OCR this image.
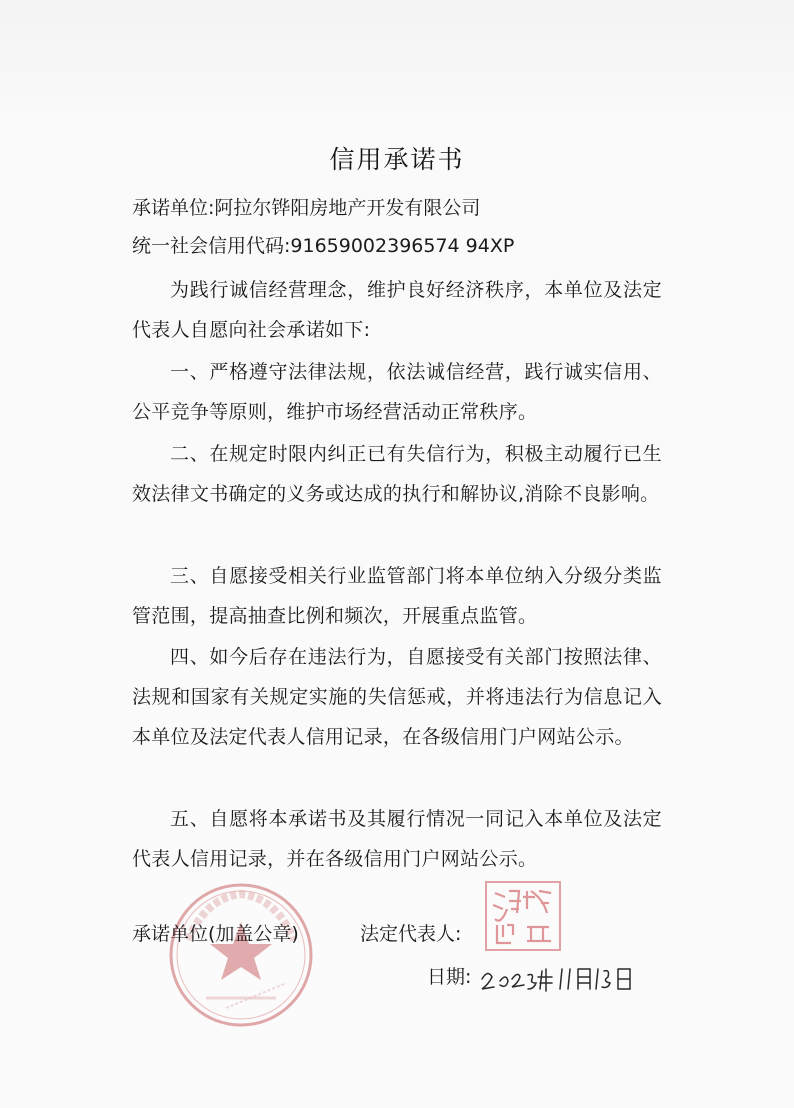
信用承诺书
承诺单位:阿拉尔铧阳房地产开发有限公司
统一社会信用代码:91659002396574 94XP
为践行诚信经营理念，维护良好经济秩序，本单位及法定代表人自愿向社会承诺如下:
一、严格遵守法律法规，依法诚信经营，践行诚实信用、公平竞争等原则，维护市场经营活动正常秩序。
二、在规定时限内纠正已有失信行为，积极主动履行已生效法律文书确定的义务或达成的执行和解协议,消除不良影响。
三、自愿接受相关行业监管部门将本单位纳入分级分类监管范围，提高抽查比例和频次，开展重点监管。
四、如今后存在违法行为，自愿接受有关部门按照法律、法规和国家有关规定实施的失信惩戒，并将违法行为信息记入本单位及法定代表人信用记录，在各级信用门户网站公示。
五、自愿将本承诺书及其履行情况一同记入本单位及法定代表人信用记录，并在各级信用门户网站公示。
承诺单位(加盖公章)	法定代表人:
日期:
